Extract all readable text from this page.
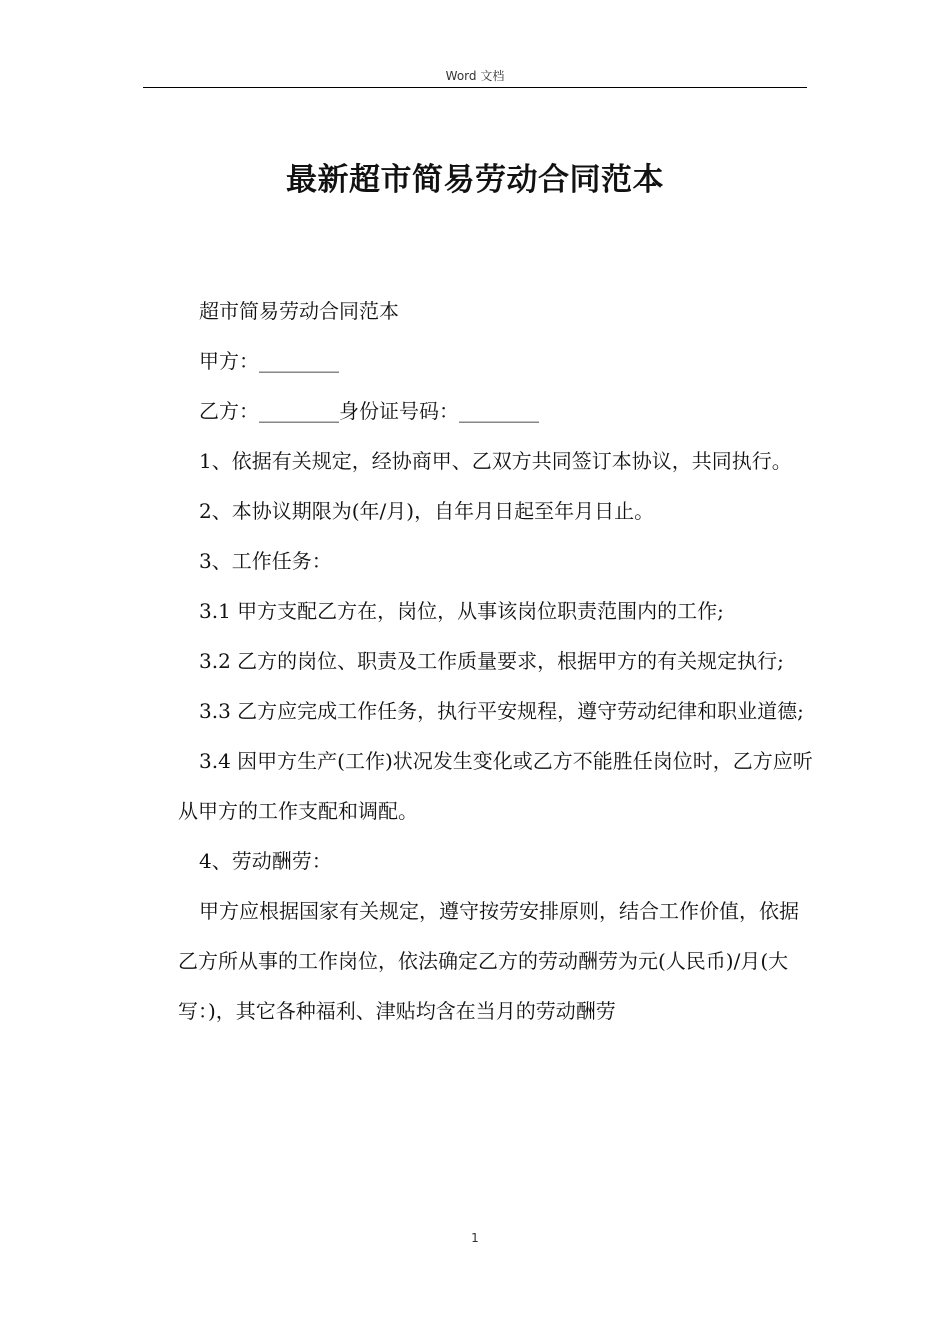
Word 文档
最新超市简易劳动合同范本

超市简易劳动合同范本

甲方：________

乙方：________身份证号码：________

1、依据有关规定，经协商甲、乙双方共同签订本协议，共同执行。

2、本协议期限为(年/月)，自年月日起至年月日止。

3、工作任务：

3.1 甲方支配乙方在，岗位，从事该岗位职责范围内的工作;

3.2 乙方的岗位、职责及工作质量要求，根据甲方的有关规定执行;

3.3 乙方应完成工作任务，执行平安规程，遵守劳动纪律和职业道德;

3.4 因甲方生产(工作)状况发生变化或乙方不能胜任岗位时，乙方应听从甲方的工作支配和调配。

4、劳动酬劳：

甲方应根据国家有关规定，遵守按劳安排原则，结合工作价值，依据乙方所从事的工作岗位，依法确定乙方的劳动酬劳为元(人民币)/月(大写：)，其它各种福利、津贴均含在当月的劳动酬劳

1
